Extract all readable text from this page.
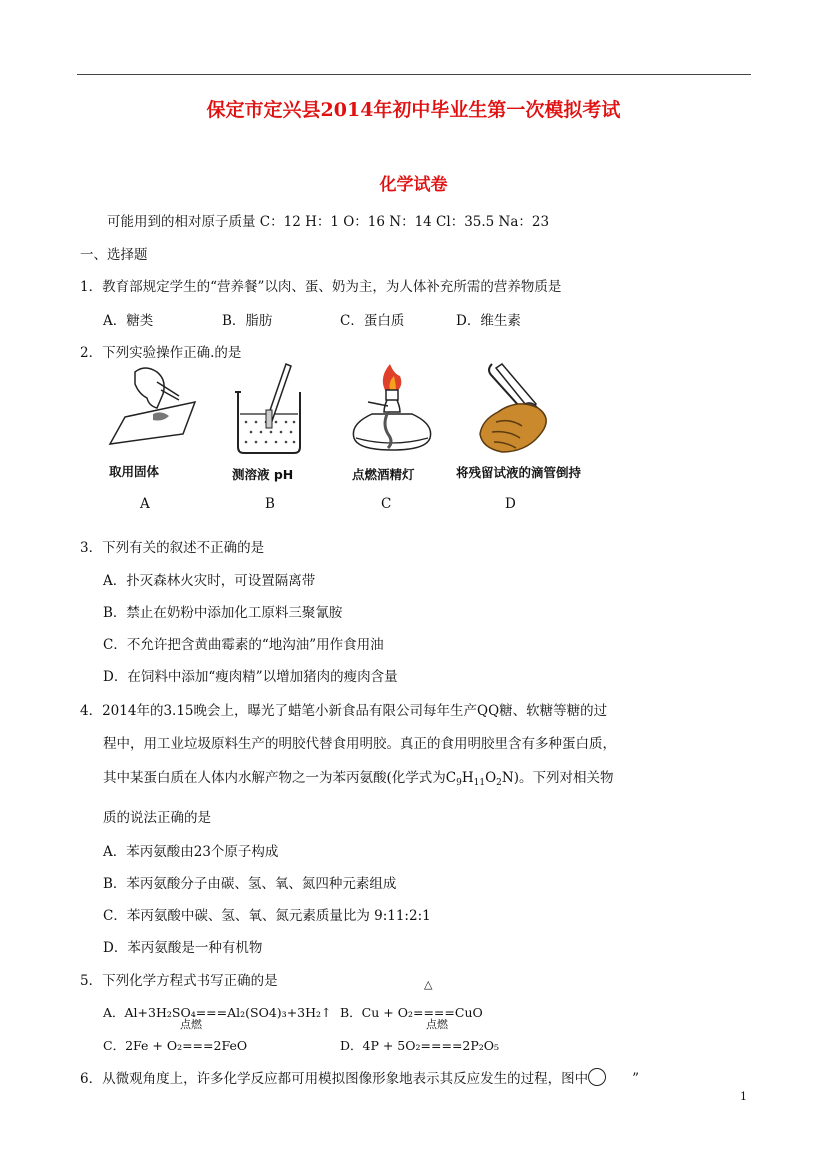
保定市定兴县2014年初中毕业生第一次模拟考试
化学试卷
可能用到的相对原子质量 C：12 H：1 O：16 N：14 Cl：35.5 Na：23
一、选择题
1．教育部规定学生的“营养餐”以肉、蛋、奶为主，为人体补充所需的营养物质是
A．糖类	B．脂肪	C．蛋白质	D．维生素
2．下列实验操作正确.的是
取用固体
A
测溶液 pH
B
点燃酒精灯
C
将残留试液的滴管倒持
D
3．下列有关的叙述不正确的是
A．扑灭森林火灾时，可设置隔离带
B．禁止在奶粉中添加化工原料三聚氰胺
C．不允许把含黄曲霉素的“地沟油”用作食用油
D．在饲料中添加“瘦肉精”以增加猪肉的瘦肉含量
4．2014年的3.15晚会上，曝光了蜡笔小新食品有限公司每年生产QQ糖、软糖等糖的过
程中，用工业垃圾原料生产的明胶代替食用明胶。真正的食用明胶里含有多种蛋白质，
其中某蛋白质在人体内水解产物之一为苯丙氨酸(化学式为$C_9H_{11}O_2N$)。下列对相关物
质的说法正确的是
A．苯丙氨酸由23个原子构成
B．苯丙氨酸分子由碳、氢、氧、氮四种元素组成
C．苯丙氨酸中碳、氢、氧、氮元素质量比为 9:11:2:1
D．苯丙氨酸是一种有机物
5．下列化学方程式书写正确的是	△
A．Al+3H₂SO₄===Al₂(SO4)₃+3H₂↑ B．Cu + O₂====CuO
点燃	点燃
C．2Fe + O₂===2FeO	D．4P + 5O₂====2P₂O₅
6．从微观角度上，许多化学反应都可用模拟图像形象地表示其反应发生的过程，图中	”
1
